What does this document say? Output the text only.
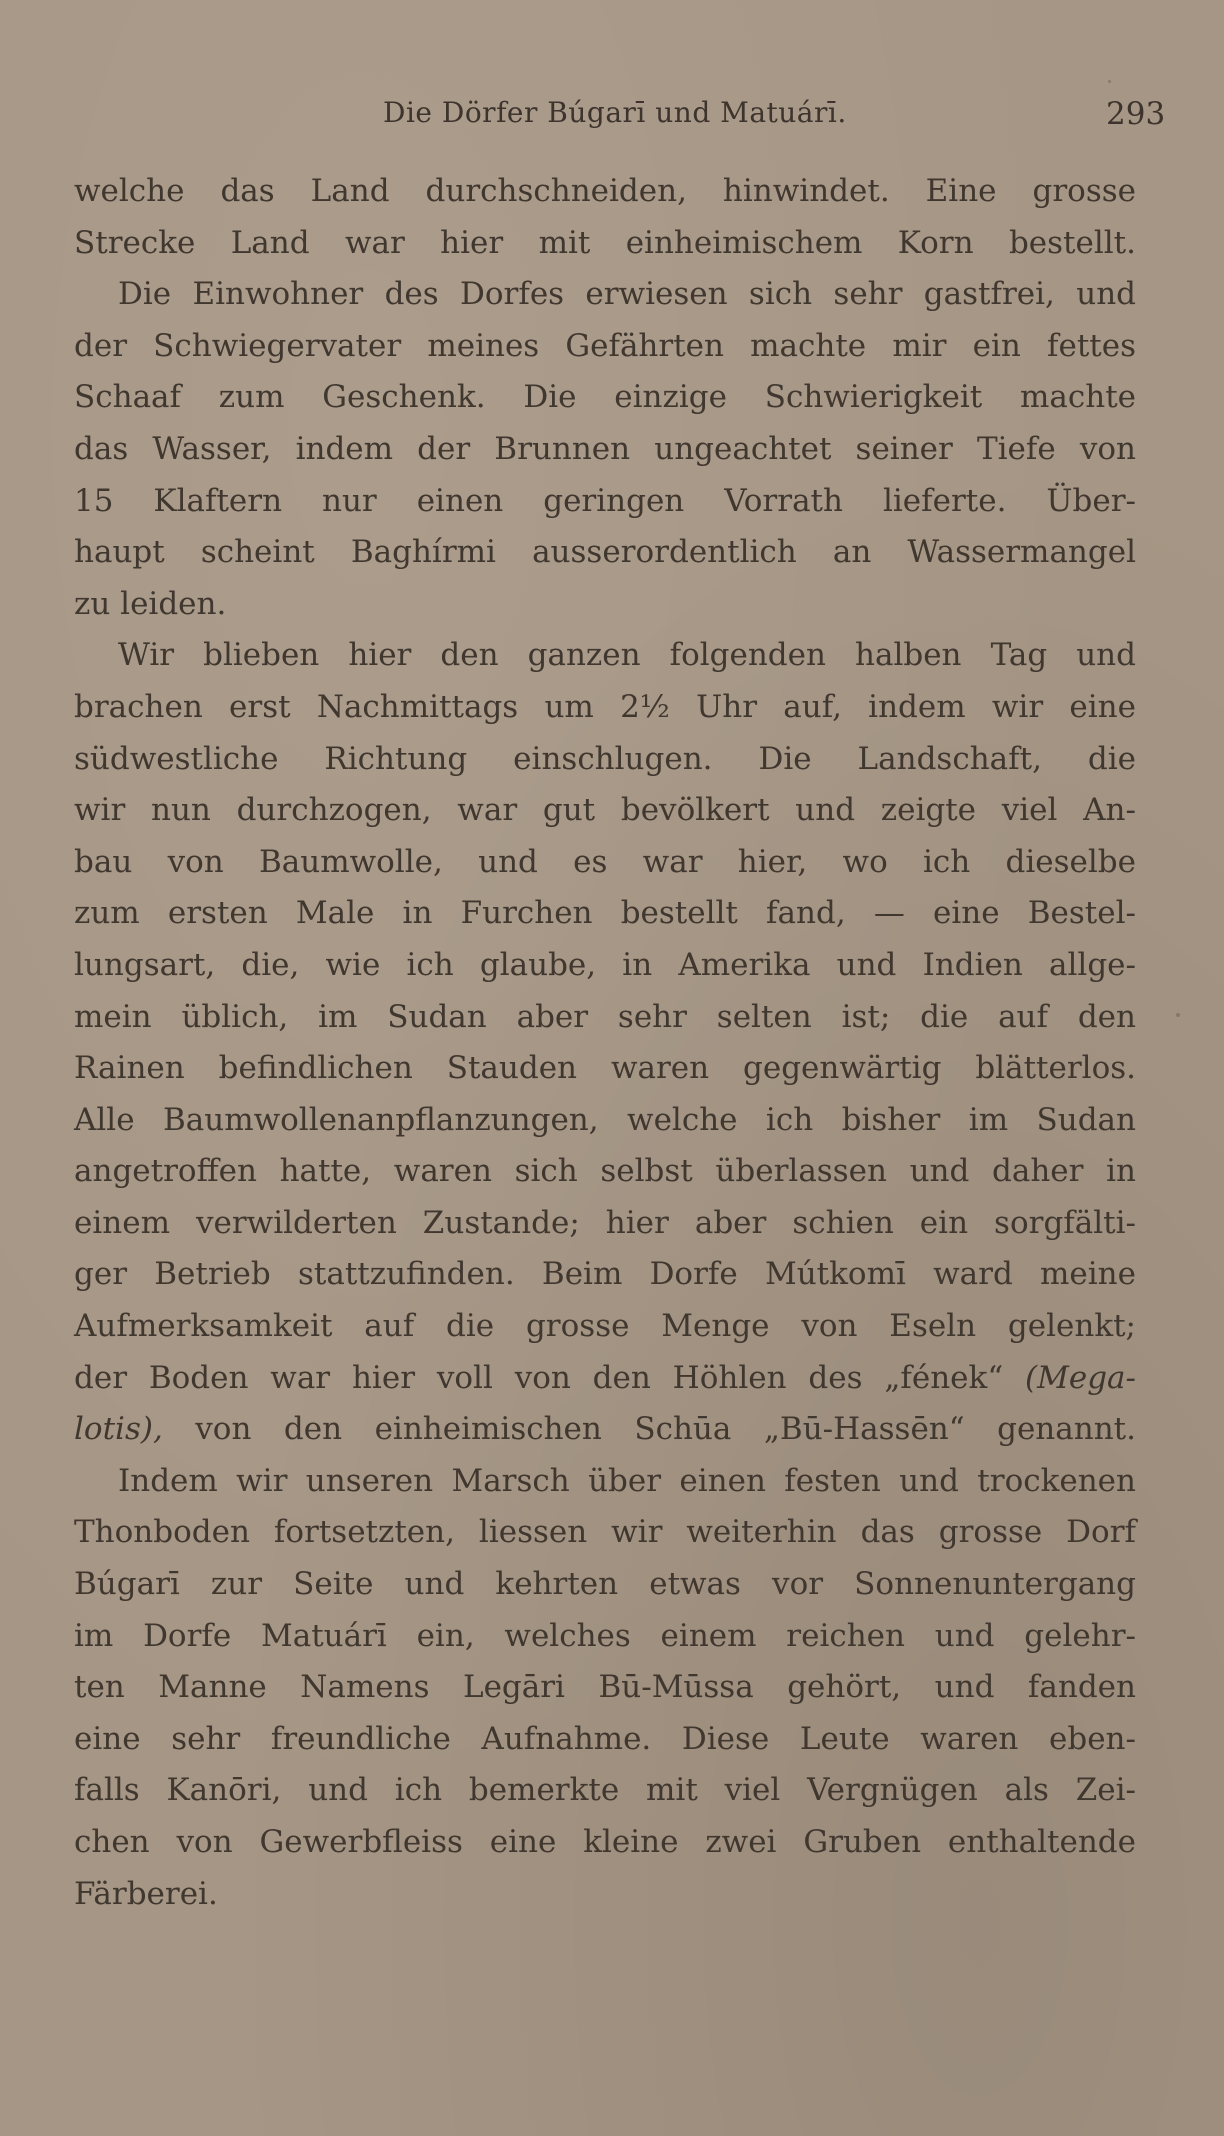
Die Dörfer Búgarī und Matuárī.	293
welche das Land durchschneiden, hinwindet. Eine grosse
Strecke Land war hier mit einheimischem Korn bestellt.
Die Einwohner des Dorfes erwiesen sich sehr gastfrei, und
der Schwiegervater meines Gefährten machte mir ein fettes
Schaaf zum Geschenk. Die einzige Schwierigkeit machte
das Wasser, indem der Brunnen ungeachtet seiner Tiefe von
15 Klaftern nur einen geringen Vorrath lieferte. Über-
haupt scheint Baghírmi ausserordentlich an Wassermangel
zu leiden.
Wir blieben hier den ganzen folgenden halben Tag und
brachen erst Nachmittags um 2½ Uhr auf, indem wir eine
südwestliche Richtung einschlugen. Die Landschaft, die
wir nun durchzogen, war gut bevölkert und zeigte viel An-
bau von Baumwolle, und es war hier, wo ich dieselbe
zum ersten Male in Furchen bestellt fand, — eine Bestel-
lungsart, die, wie ich glaube, in Amerika und Indien allge-
mein üblich, im Sudan aber sehr selten ist; die auf den
Rainen befindlichen Stauden waren gegenwärtig blätterlos.
Alle Baumwollenanpflanzungen, welche ich bisher im Sudan
angetroffen hatte, waren sich selbst überlassen und daher in
einem verwilderten Zustande; hier aber schien ein sorgfälti-
ger Betrieb stattzufinden. Beim Dorfe Mútkomī ward meine
Aufmerksamkeit auf die grosse Menge von Eseln gelenkt;
der Boden war hier voll von den Höhlen des „fének“ (Mega-
lotis), von den einheimischen Schūa „Bū-Hassēn“ genannt.
Indem wir unseren Marsch über einen festen und trockenen
Thonboden fortsetzten, liessen wir weiterhin das grosse Dorf
Búgarī zur Seite und kehrten etwas vor Sonnenuntergang
im Dorfe Matuárī ein, welches einem reichen und gelehr-
ten Manne Namens Legāri Bū-Mūssa gehört, und fanden
eine sehr freundliche Aufnahme. Diese Leute waren eben-
falls Kanōri, und ich bemerkte mit viel Vergnügen als Zei-
chen von Gewerbfleiss eine kleine zwei Gruben enthaltende
Färberei.
